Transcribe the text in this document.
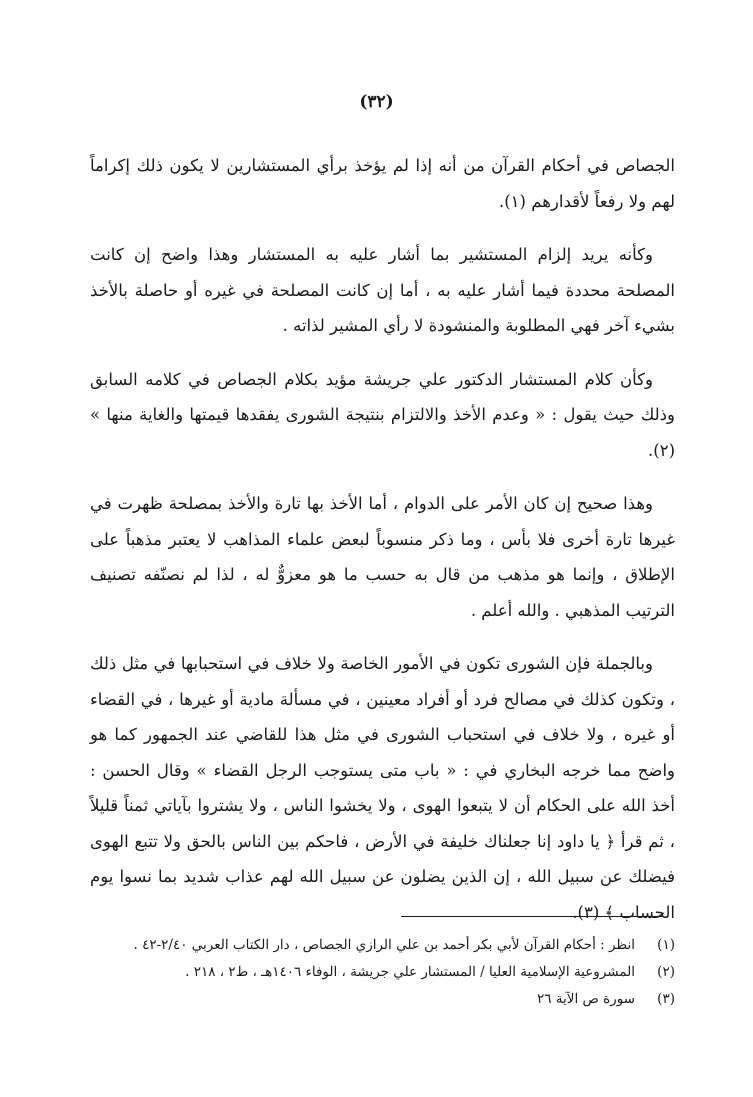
(٣٢)

الجصاص في أحكام القرآن من أنه إذا لم يؤخذ برأي المستشارين لا يكون ذلك إكراماً لهم ولا رفعاً لأقدارهم (١).

وكأنه يريد إلزام المستشير بما أشار عليه به المستشار وهذا واضح إن كانت المصلحة محددة فيما أشار عليه به ، أما إن كانت المصلحة في غيره أو حاصلة بالأخذ بشيء آخر فهي المطلوبة والمنشودة لا رأي المشير لذاته .

وكأن كلام المستشار الدكتور علي جريشة مؤيد بكلام الجصاص في كلامه السابق وذلك حيث يقول : « وعدم الأخذ والالتزام بنتيجة الشورى يفقدها قيمتها والغاية منها » (٢).

وهذا صحيح إن كان الأمر على الدوام ، أما الأخذ بها تارة والأخذ بمصلحة ظهرت في غيرها تارة أخرى فلا بأس ، وما ذكر منسوباً لبعض علماء المذاهب لا يعتبر مذهباً على الإطلاق ، وإنما هو مذهب من قال به حسب ما هو معزوٌّ له ، لذا لم نصنّفه تصنيف الترتيب المذهبي . والله أعلم .

وبالجملة فإن الشورى تكون في الأمور الخاصة ولا خلاف في استحبابها في مثل ذلك ، وتكون كذلك في مصالح فرد أو أفراد معينين ، في مسألة مادية أو غيرها ، في القضاء أو غيره ، ولا خلاف في استحباب الشورى في مثل هذا للقاضي عند الجمهور كما هو واضح مما خرجه البخاري في : « باب متى يستوجب الرجل القضاء » وقال الحسن : أخذ الله على الحكام أن لا يتبعوا الهوى ، ولا يخشوا الناس ، ولا يشتروا بآياتي ثمناً قليلاً ، ثم قرأ ﴿ يا داود إنا جعلناك خليفة في الأرض ، فاحكم بين الناس بالحق ولا تتبع الهوى فيضلك عن سبيل الله ، إن الذين يضلون عن سبيل الله لهم عذاب شديد بما نسوا يوم الحساب ﴾ (٣).

(١)
انظر : أحكام القرآن لأبي بكر أحمد بن علي الرازي الجصاص ، دار الكتاب العربي ٢/٤٠-٤٢ .
(٢)
المشروعية الإسلامية العليا / المستشار علي جريشة ، الوفاء ١٤٠٦هـ ، ط٢ ، ٢١٨ .
(٣)
سورة ص الآية ٢٦
